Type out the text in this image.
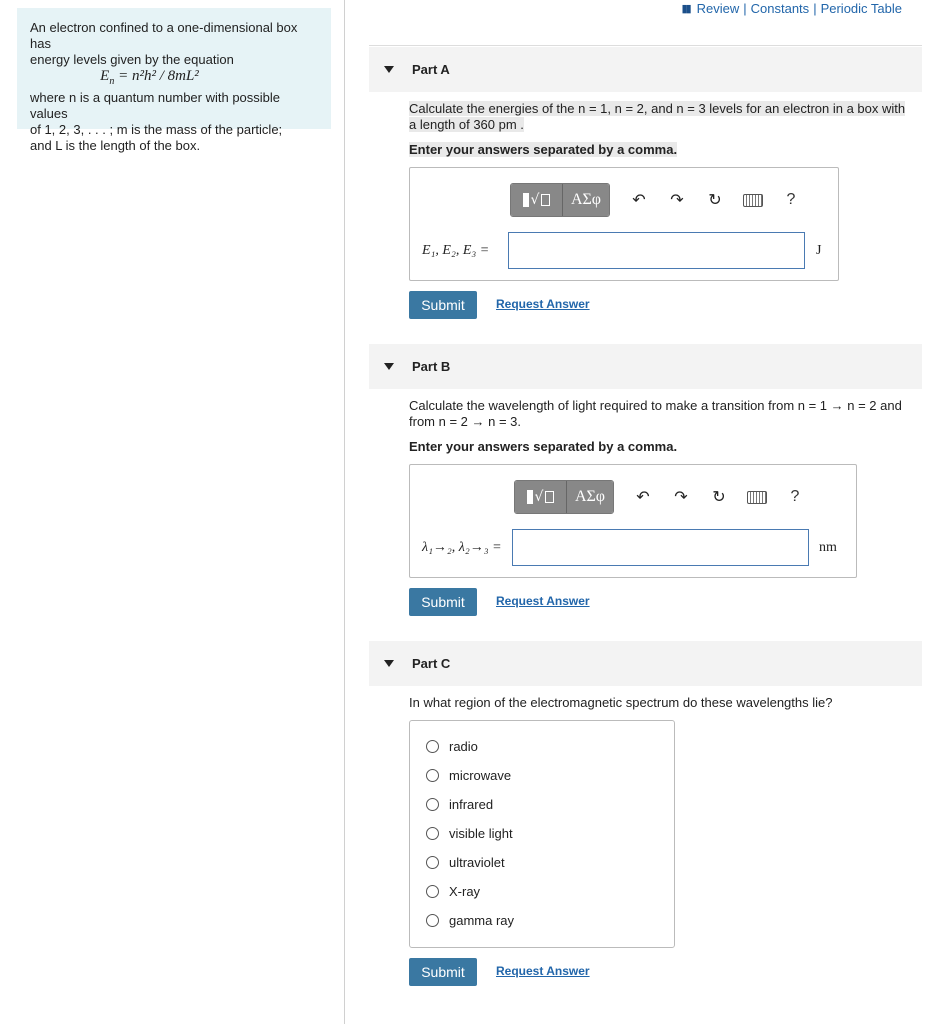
An electron confined to a one-dimensional box has
energy levels given by the equation
$E_n = n^2h^2 / 8mL^2$
where n is a quantum number with possible values
of 1, 2, 3, . . . ; m is the mass of the particle;
and L is the length of the box.
▮▮ Review | Constants | Periodic Table
Part A
Calculate the energies of the n = 1, n = 2, and n = 3 levels for an electron in a box with
a length of 360 pm .
Enter your answers separated by a comma.
√	ΑΣφ	↶	↷	↻	?
E₁, E₂, E₃ =	J
Submit	Request Answer
Part B
Calculate the wavelength of light required to make a transition from n = 1 → n = 2 and
from n = 2 → n = 3.
Enter your answers separated by a comma.
√	ΑΣφ	↶	↷	↻	?
λ₁→₂, λ₂→₃ =	nm
Submit	Request Answer
Part C
In what region of the electromagnetic spectrum do these wavelengths lie?
radio
microwave
infrared
visible light
ultraviolet
X-ray
gamma ray
Submit	Request Answer
